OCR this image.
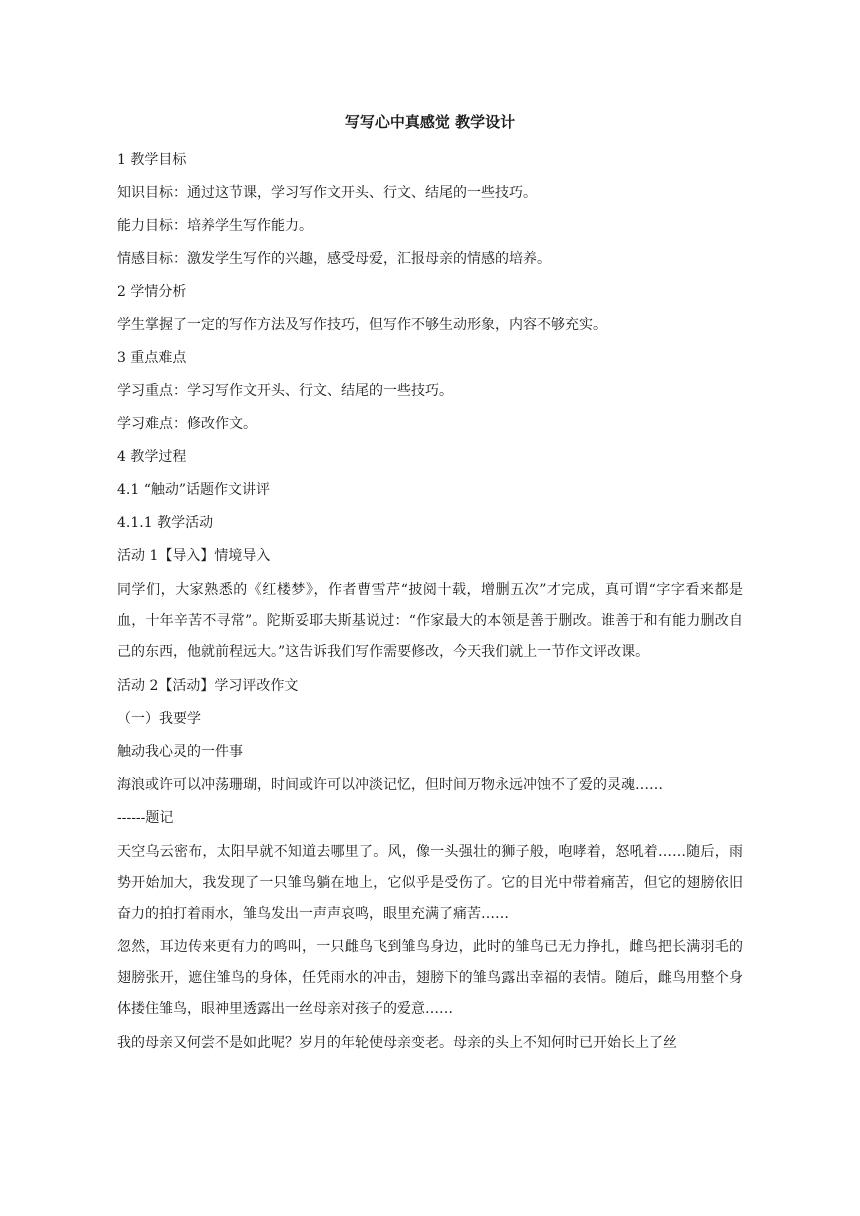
写写心中真感觉 教学设计

1 教学目标

知识目标：通过这节课，学习写作文开头、行文、结尾的一些技巧。

能力目标：培养学生写作能力。

情感目标：激发学生写作的兴趣，感受母爱，汇报母亲的情感的培养。

2 学情分析

学生掌握了一定的写作方法及写作技巧，但写作不够生动形象，内容不够充实。

3 重点难点

学习重点：学习写作文开头、行文、结尾的一些技巧。

学习难点：修改作文。

4 教学过程

4.1 “触动”话题作文讲评

4.1.1 教学活动

活动 1【导入】情境导入

同学们，大家熟悉的《红楼梦》，作者曹雪芹“披阅十载，增删五次”才完成，真可谓“字字看来都是血，十年辛苦不寻常”。陀斯妥耶夫斯基说过：“作家最大的本领是善于删改。谁善于和有能力删改自己的东西，他就前程远大。”这告诉我们写作需要修改，今天我们就上一节作文评改课。

活动 2【活动】学习评改作文

（一）我要学

触动我心灵的一件事

海浪或许可以冲荡珊瑚，时间或许可以冲淡记忆，但时间万物永远冲蚀不了爱的灵魂……

------题记

天空乌云密布，太阳早就不知道去哪里了。风，像一头强壮的狮子般，咆哮着，怒吼着……随后，雨势开始加大，我发现了一只雏鸟躺在地上，它似乎是受伤了。它的目光中带着痛苦，但它的翅膀依旧奋力的拍打着雨水，雏鸟发出一声声哀鸣，眼里充满了痛苦……

忽然，耳边传来更有力的鸣叫，一只雌鸟飞到雏鸟身边，此时的雏鸟已无力挣扎，雌鸟把长满羽毛的翅膀张开，遮住雏鸟的身体，任凭雨水的冲击，翅膀下的雏鸟露出幸福的表情。随后，雌鸟用整个身体搂住雏鸟，眼神里透露出一丝母亲对孩子的爱意……

我的母亲又何尝不是如此呢？岁月的年轮使母亲变老。母亲的头上不知何时已开始长上了丝
